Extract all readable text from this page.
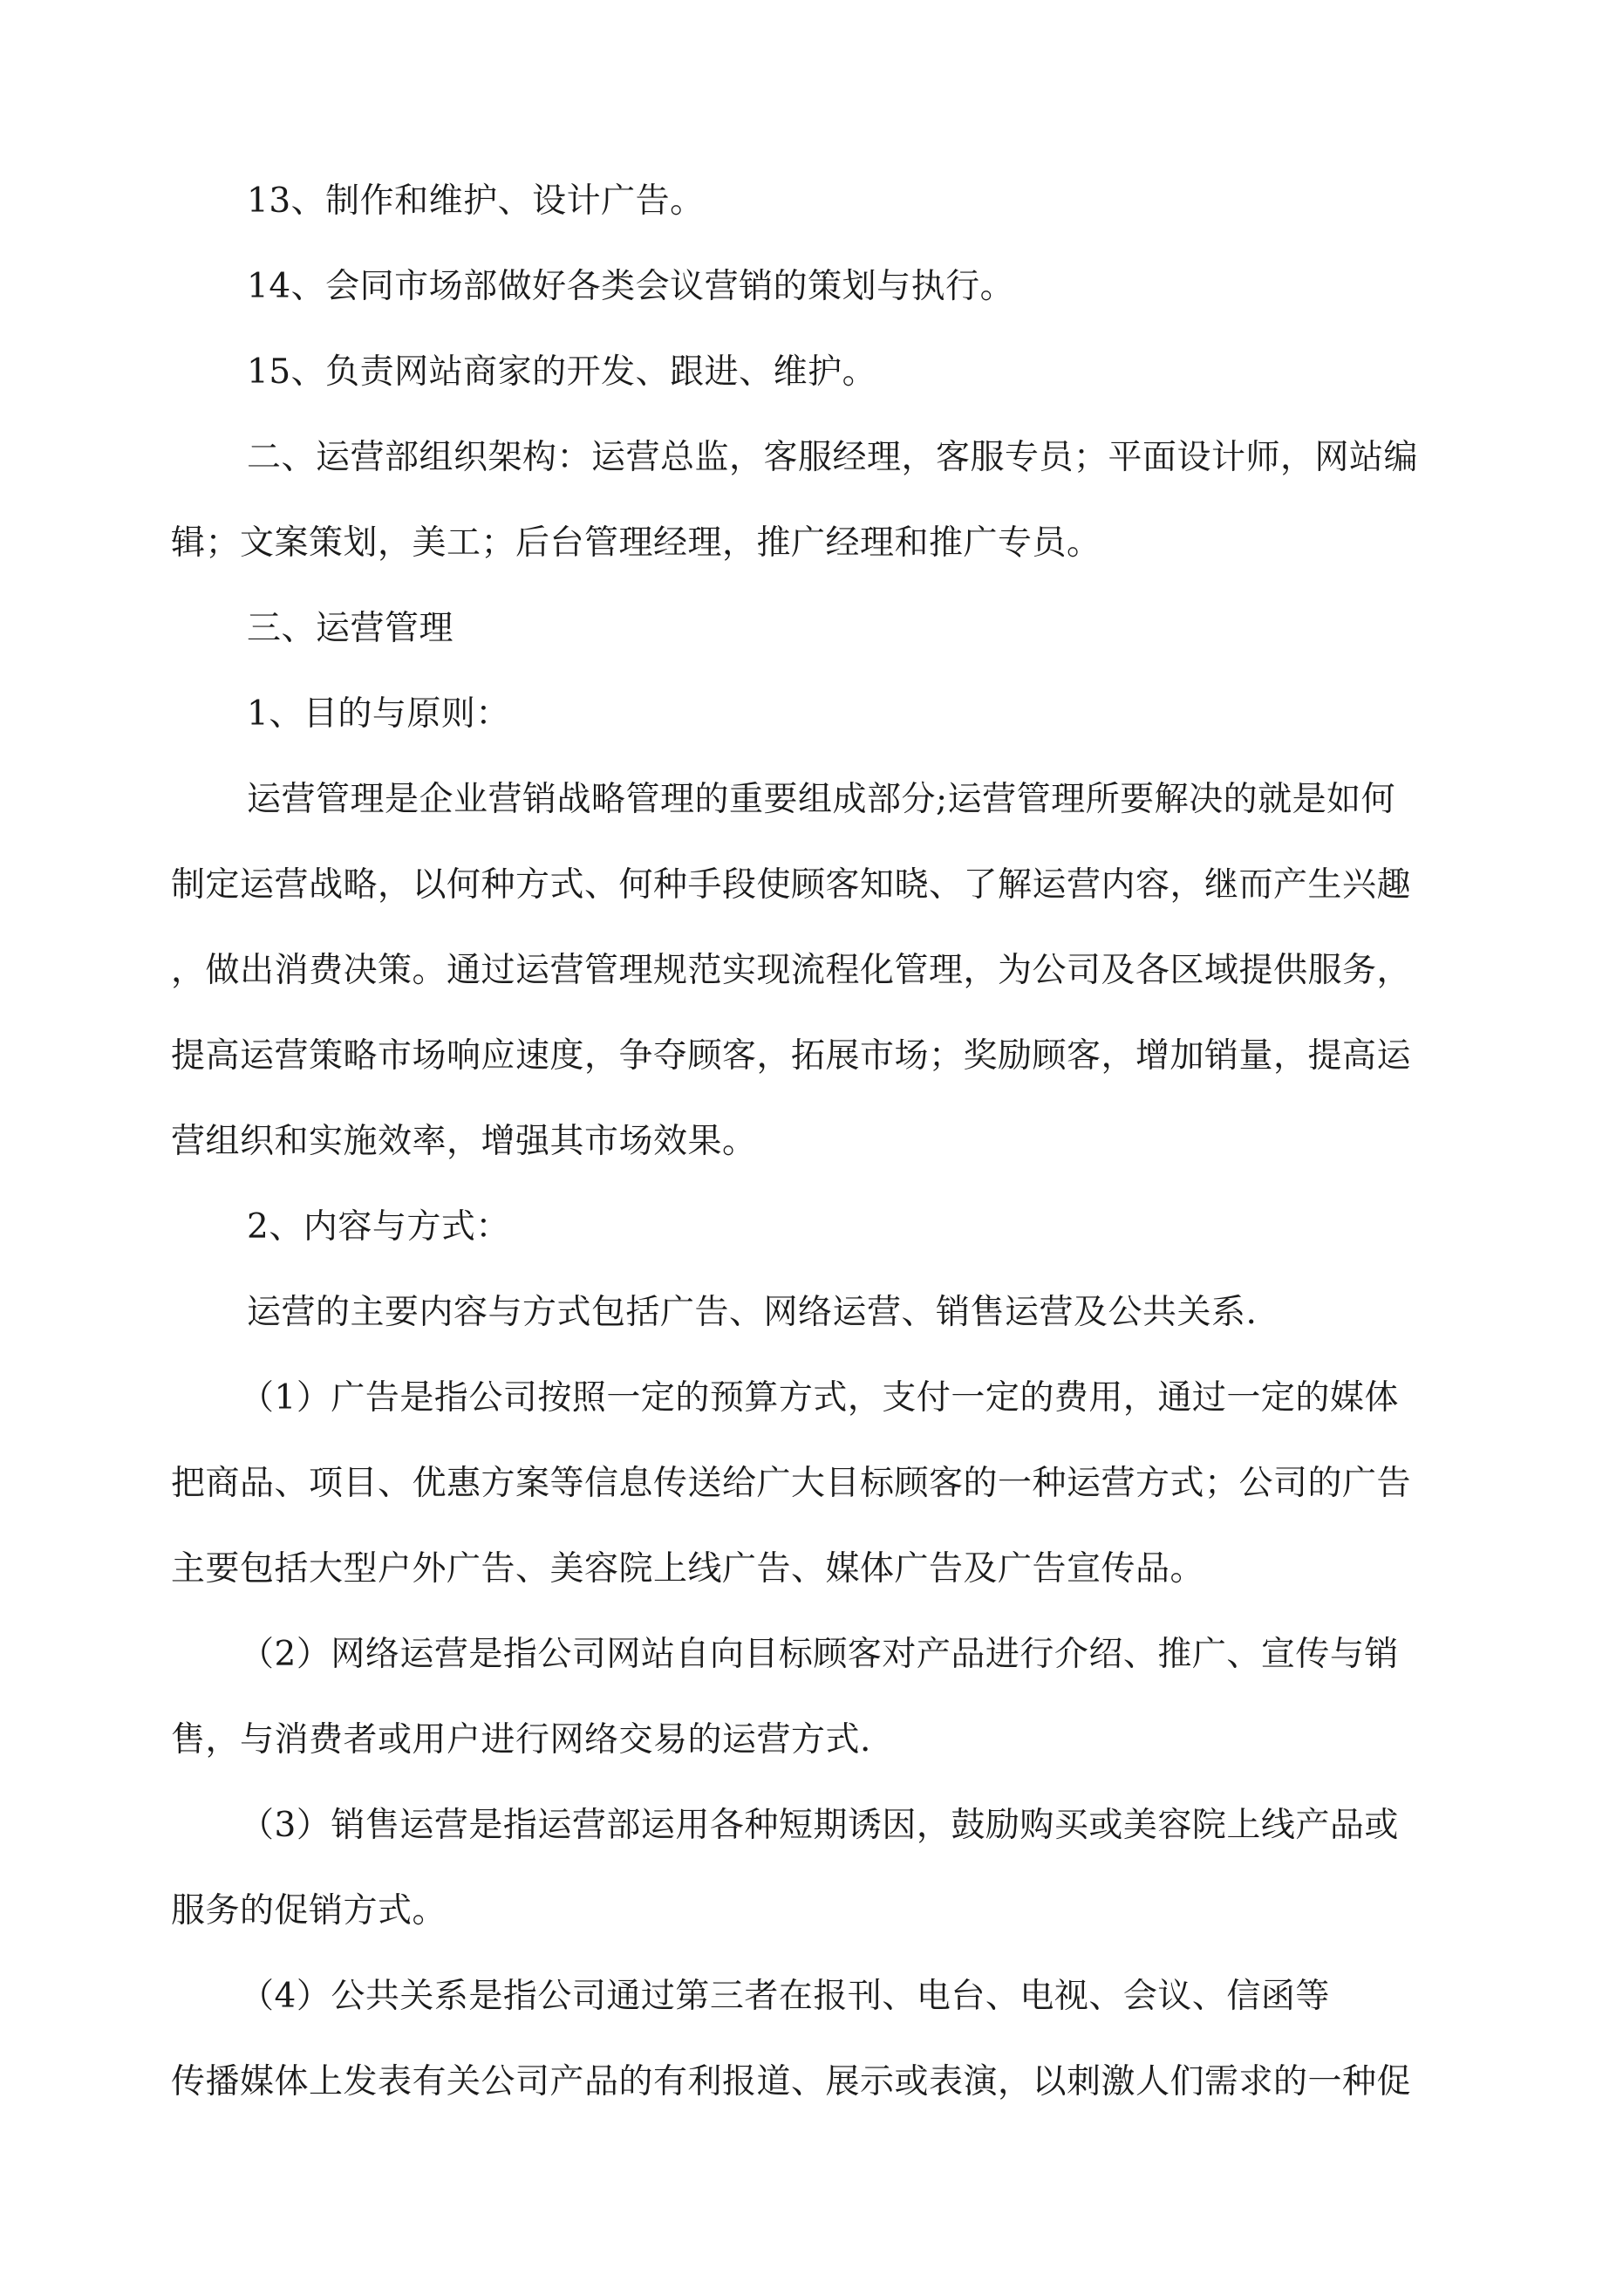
13、制作和维护、设计广告。
14、会同市场部做好各类会议营销的策划与执行。
15、负责网站商家的开发、跟进、维护。
二、运营部组织架构：运营总监，客服经理，客服专员；平面设计师，网站编
辑；文案策划，美工；后台管理经理，推广经理和推广专员。
三、运营管理
1、目的与原则：
运营管理是企业营销战略管理的重要组成部分;运营管理所要解决的就是如何
制定运营战略，以何种方式、何种手段使顾客知晓、了解运营内容，继而产生兴趣
，做出消费决策。通过运营管理规范实现流程化管理，为公司及各区域提供服务，
提高运营策略市场响应速度，争夺顾客，拓展市场；奖励顾客，增加销量，提高运
营组织和实施效率，增强其市场效果。
2、内容与方式：
运营的主要内容与方式包括广告、网络运营、销售运营及公共关系.
（1）广告是指公司按照一定的预算方式，支付一定的费用，通过一定的媒体
把商品、项目、优惠方案等信息传送给广大目标顾客的一种运营方式；公司的广告
主要包括大型户外广告、美容院上线广告、媒体广告及广告宣传品。
（2）网络运营是指公司网站自向目标顾客对产品进行介绍、推广、宣传与销
售，与消费者或用户进行网络交易的运营方式.
（3）销售运营是指运营部运用各种短期诱因，鼓励购买或美容院上线产品或
服务的促销方式。
（4）公共关系是指公司通过第三者在报刊、电台、电视、会议、信函等
传播媒体上发表有关公司产品的有利报道、展示或表演，以刺激人们需求的一种促
